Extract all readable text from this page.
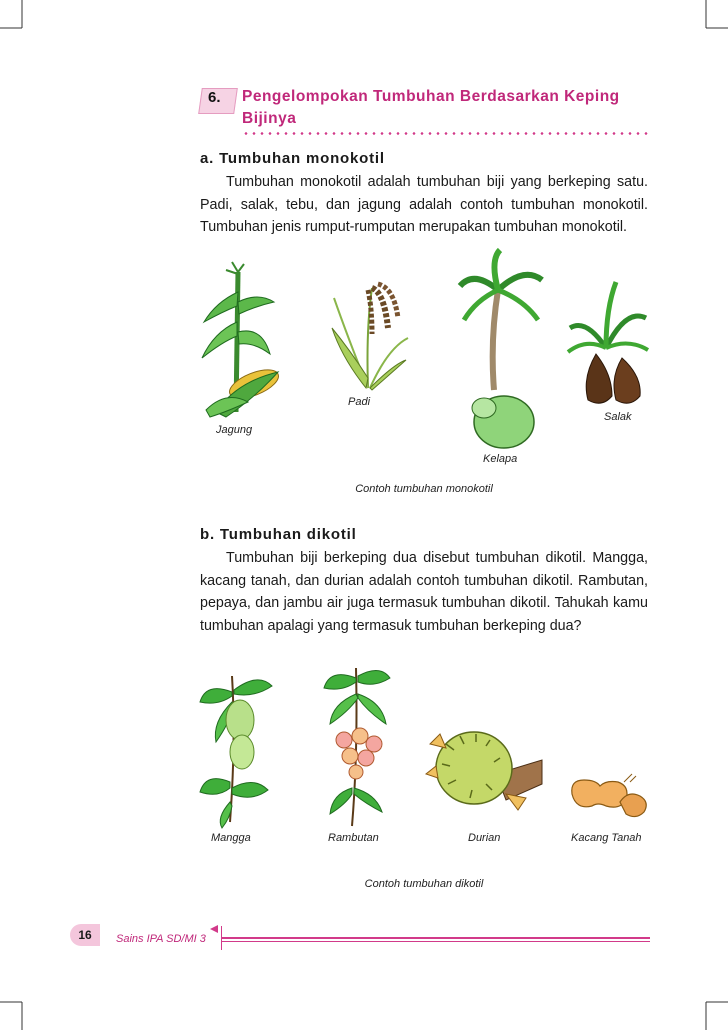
6. Pengelompokan Tumbuhan Berdasarkan Keping Bijinya
a. Tumbuhan monokotil
Tumbuhan monokotil adalah tumbuhan biji yang berkeping satu. Padi, salak, tebu, dan jagung adalah contoh tumbuhan monokotil. Tumbuhan jenis rumput-rumputan merupakan tumbuhan monokotil.
Jagung
Padi
Kelapa
Salak
Contoh tumbuhan monokotil
b. Tumbuhan dikotil
Tumbuhan biji berkeping dua disebut tumbuhan dikotil. Mangga, kacang tanah, dan durian adalah contoh tumbuhan dikotil. Rambutan, pepaya, dan jambu air juga termasuk tumbuhan dikotil. Tahukah kamu tumbuhan apalagi yang termasuk tumbuhan berkeping dua?
Mangga	Rambutan	Durian	Kacang Tanah
Contoh tumbuhan dikotil
16	Sains IPA SD/MI 3
